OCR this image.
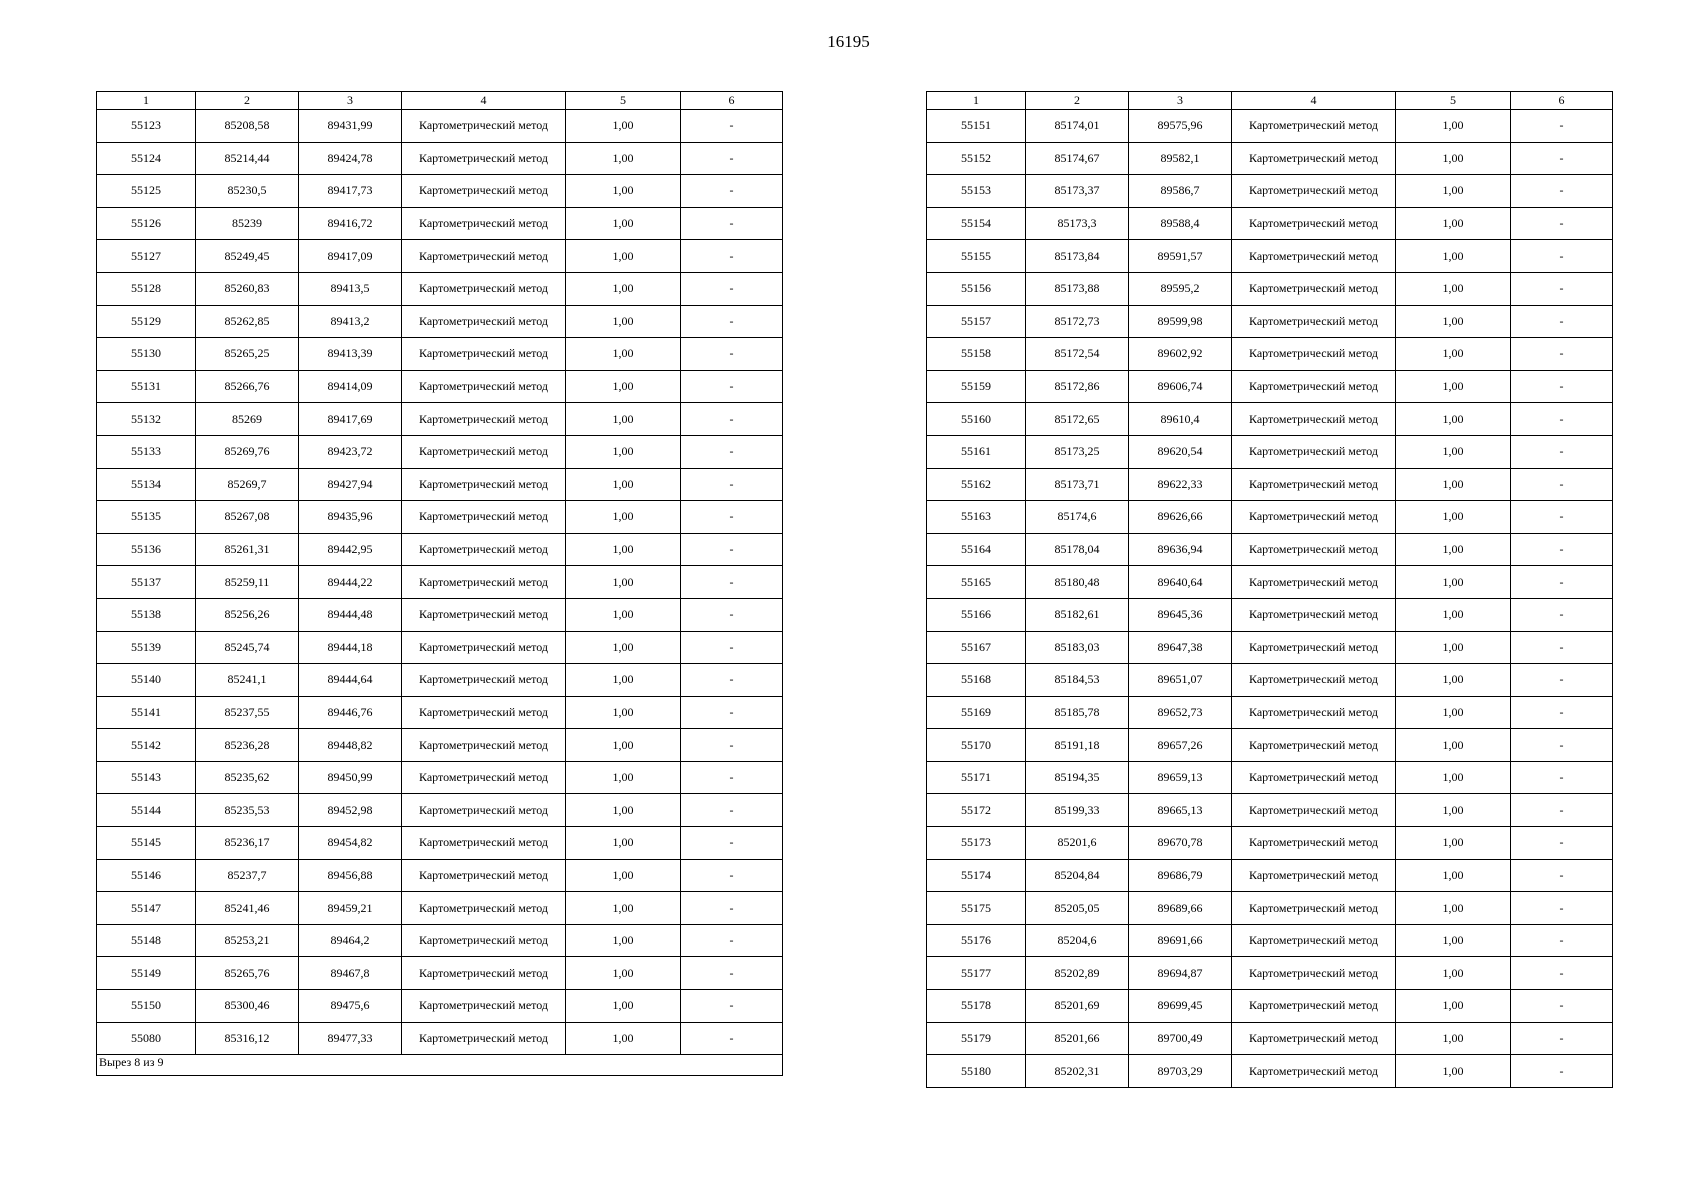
16195
1	2	3	4	5	6
55123	85208,58	89431,99	Картометрический метод	1,00	-
55124	85214,44	89424,78	Картометрический метод	1,00	-
55125	85230,5	89417,73	Картометрический метод	1,00	-
55126	85239	89416,72	Картометрический метод	1,00	-
55127	85249,45	89417,09	Картометрический метод	1,00	-
55128	85260,83	89413,5	Картометрический метод	1,00	-
55129	85262,85	89413,2	Картометрический метод	1,00	-
55130	85265,25	89413,39	Картометрический метод	1,00	-
55131	85266,76	89414,09	Картометрический метод	1,00	-
55132	85269	89417,69	Картометрический метод	1,00	-
55133	85269,76	89423,72	Картометрический метод	1,00	-
55134	85269,7	89427,94	Картометрический метод	1,00	-
55135	85267,08	89435,96	Картометрический метод	1,00	-
55136	85261,31	89442,95	Картометрический метод	1,00	-
55137	85259,11	89444,22	Картометрический метод	1,00	-
55138	85256,26	89444,48	Картометрический метод	1,00	-
55139	85245,74	89444,18	Картометрический метод	1,00	-
55140	85241,1	89444,64	Картометрический метод	1,00	-
55141	85237,55	89446,76	Картометрический метод	1,00	-
55142	85236,28	89448,82	Картометрический метод	1,00	-
55143	85235,62	89450,99	Картометрический метод	1,00	-
55144	85235,53	89452,98	Картометрический метод	1,00	-
55145	85236,17	89454,82	Картометрический метод	1,00	-
55146	85237,7	89456,88	Картометрический метод	1,00	-
55147	85241,46	89459,21	Картометрический метод	1,00	-
55148	85253,21	89464,2	Картометрический метод	1,00	-
55149	85265,76	89467,8	Картометрический метод	1,00	-
55150	85300,46	89475,6	Картометрический метод	1,00	-
55080	85316,12	89477,33	Картометрический метод	1,00	-
Вырез 8 из 9					
1	2	3	4	5	6
55151	85174,01	89575,96	Картометрический метод	1,00	-
55152	85174,67	89582,1	Картометрический метод	1,00	-
55153	85173,37	89586,7	Картометрический метод	1,00	-
55154	85173,3	89588,4	Картометрический метод	1,00	-
55155	85173,84	89591,57	Картометрический метод	1,00	-
55156	85173,88	89595,2	Картометрический метод	1,00	-
55157	85172,73	89599,98	Картометрический метод	1,00	-
55158	85172,54	89602,92	Картометрический метод	1,00	-
55159	85172,86	89606,74	Картометрический метод	1,00	-
55160	85172,65	89610,4	Картометрический метод	1,00	-
55161	85173,25	89620,54	Картометрический метод	1,00	-
55162	85173,71	89622,33	Картометрический метод	1,00	-
55163	85174,6	89626,66	Картометрический метод	1,00	-
55164	85178,04	89636,94	Картометрический метод	1,00	-
55165	85180,48	89640,64	Картометрический метод	1,00	-
55166	85182,61	89645,36	Картометрический метод	1,00	-
55167	85183,03	89647,38	Картометрический метод	1,00	-
55168	85184,53	89651,07	Картометрический метод	1,00	-
55169	85185,78	89652,73	Картометрический метод	1,00	-
55170	85191,18	89657,26	Картометрический метод	1,00	-
55171	85194,35	89659,13	Картометрический метод	1,00	-
55172	85199,33	89665,13	Картометрический метод	1,00	-
55173	85201,6	89670,78	Картометрический метод	1,00	-
55174	85204,84	89686,79	Картометрический метод	1,00	-
55175	85205,05	89689,66	Картометрический метод	1,00	-
55176	85204,6	89691,66	Картометрический метод	1,00	-
55177	85202,89	89694,87	Картометрический метод	1,00	-
55178	85201,69	89699,45	Картометрический метод	1,00	-
55179	85201,66	89700,49	Картометрический метод	1,00	-
55180	85202,31	89703,29	Картометрический метод	1,00	-
